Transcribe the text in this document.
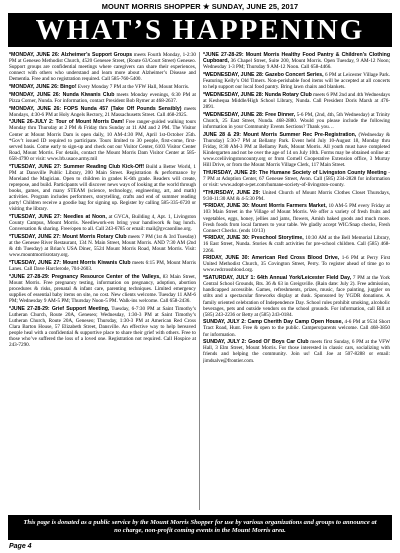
MOUNT MORRIS SHOPPER ★ SUNDAY, JUNE 25, 2017
WHAT’S HAPPENING

*MONDAY, JUNE 26: Alzheimer’s Support Groups meets Fourth Monday, 1-2:30 PM at Geneseo Methodist Church, 4520 Genesee Street, (Route 63/Court Street) Geneseo. Support groups are confidential meetings where caregivers can share their experiences, connect with others who understand and learn more about Alzheimer’s Disease and Dementia. Free and no registration required. Call 585-760-5400.

*MONDAY, JUNE 26: Bingo! Every Monday 7 PM at the VFW Hall, Mount Morris.

*MONDAY, JUNE 26: Nunda Kiwanis Club meets Monday evenings, 6:30 PM at Pizza Corner, Nunda. For information, contact President Bob Rymer at 468-2637.

*MONDAY, JUNE 26: FOPS Nunda 457 (Take Off Pounds Sensibly) meets Mondays, 4:30-6 PM at Holy Angels Rectory, 21 Massachusetts Street. Call 468-2925.

*JUNE 26-JULY 2: Tour of Mount Morris Dam! Free ranger-guided walking tours Monday thru Thursday at 2 PM & Friday thru Sunday at 11 AM and 2 PM. The Visitor Center at Mount Morris Dam is open daily, 10 AM-4:30 PM, April 1st-October 25th. *Gov’t issued ID required to participate. Tours limited to 30 people, first-come, first-served basis. Come early to sign-up and check out our Visitor Center, 6103 Visitor Center Road, Mount Morris. For details, contact the Mount Morris Dam Visitor Center at 585-658-4790 or visit: www.lrb.usace.army.mil

*TUESDAY, JUNE 27: Summer Reading Club Kick-Off! Build a Better World, 1 PM at Dansville Public Library, 200 Main Street. Registration & performance by Moreland the Magician. Open to children in grades K-6th grade. Readers will create, reprepose, and build. Participants will discover news ways of looking at the world through books, games, and many STEAM (science, technology, engineering, art, and math) activities. Program includes performers, storytelling, crafts and end of summer reading party! Children receive a goodie bag for signing up. Register by calling 585-335-6720 or visiting the library.

*TUESDAY, JUNE 27: Needles at Noon, at GVCA, Building 4, Apt. 1, Livingston County Campus, Mount Morris. Needlework-ers bring your handiwork & bag lunch. Conversation & sharing. Free/open to all. Call 243-6785 or email: mail@gvcaonline.org.

*TUESDAY, JUNE 27: Mount Morris Rotary Club meets 7 PM (1st & 3rd Tuesday) at the Genesee River Restaurant, 134 N. Main Street, Mount Morris. AND 7:30 AM (2nd & 4th Tuesday) at Brian’s USA Diner, 5524 Mount Morris Road, Mount Morris. Visit: www.mountmorrisrotary.org.

*TUESDAY, JUNE 27: Mount Morris Kiwanis Club meets 6:15 PM, Mount Morris Lanes. Call Dave Harclerode, 704-2603.

*JUNE 27-28-29: Pregnancy Resource Center of the Valleys, 83 Main Street, Mount Morris. Free pregnancy testing, information on pregnancy, adoption, abortion procedures & risks, prenatal & infant care, parenting techniques. Limited emergency supplies of essential baby items on site, no cost. New clients welcome. Tuesday 11 AM-6 PM; Wednesday 9 AM-5 PM; Thursday Noon-5 PM. Walk-ins welcome. Call 658-2436.

*JUNE 27-28-29: Grief Support Meeting, Tuesday, 6-7:30 PM at Saint Timothy’s Lutheran Church, Route 20A, Geneseo; Wednesday, 1:30-3 PM at Saint Timothy’s Lutheran Church, Route 20A, Geneseo; Thursday, 1:30-3 PM at American Red Cross Clara Barton House, 57 Elizabeth Street, Dansville. An effective way to help bereaved people heal with a confidential & supportive place to share their grief with others. Free to those who’ve suffered the loss of a loved one. Registration not required. Call Hospice at 243-7290.

*JUNE 27-28-29: Mount Morris Healthy Food Pantry & Children’s Clothing Cupboard, 36 Chapel Street, Suite 200, Mount Morris. Open Tuesday, 9 AM-12 Noon; Wednesday 1-3 PM; Thursday 9 AM-12 Noon. Call 658-4466.

*WEDNESDAY, JUNE 28: Gazebo Concert Series, 6 PM at Leicester Village Park. Featuring Kelly’s Old Timers. Non-perishable food items will be accepted at all concerts to help support our local food pantry. Bring lawn chairs and blankets.

*WEDNESDAY, JUNE 28: Nunda Rotary Club meets 6 PM 2nd and 4th Wednesdays at Keshequa Middle/High School Library, Nunda. Call President Doris Marsh at 476-2891.

*WEDNESDAY, JUNE 28: Free Dinner, 5-6 PM, (2nd, 4th, 5th Wednesday) at Trinity Church, 25 East Street, Nunda. 468-2880. Would you please include the following information in your Community Events Sections? Thank you…

JUNE 28 & 29: Mount Morris Summer Rec Pre-Registration, (Wednesday & Thursday) 5:30-7 PM at Bellamy Park. Event held July 10-August 18, Monday thru Friday, 8:30 AM-3 PM at Bellamy Park, Mount Morris. All youth must have completed Kindergarten and not be over the age of 14 on July 10th. Forms may be obtained online at: www.cceliivingstoncounty.org or from Cornell Cooperative Extension office, 3 Murray Hill Drive, or from the Mount Morris Village Clerk, 117 Main Street.

THURSDAY, JUNE 29: The Humane Society of Livingston County Meeting - 7 PM at Adoption Center, 67 Genesee Street, Avon. Call (585) 234-2828 for information or visit: www.adopt-a-pet.com/humane-society-of-livingston-county.

*THURSDAY, JUNE 29: United Church of Mount Morris Clothes Closet Thursdays, 9:30-11:30 AM & 4-5:30 PM.

*FRIDAY, JUNE 30: Mount Morris Farmers Market, 10 AM-5 PM every Friday at 103 Main Street in the Village of Mount Morris. We offer a variety of fresh fruits and vegetables, eggs, honey, jellies and jams, flowers, Amish baked goods and much more. Fresh foods from local farmers to your table. We gladly accept WIC/Snap checks, Fresh Connect Checks. (ends 10/13)

*FRIDAY, JUNE 30: Preschool Storytime, 10:30 AM at the Bell Memorial Library, 16 East Street, Nunda. Stories & craft activities for pre-school children. Call (585) 468-2266.

FRIDAY, JUNE 30: American Red Cross Blood Drive, 1-6 PM at Perry First United Methodist Church, 35 Covington Street, Perry. To register ahead of time go to www.redcrossblood.org.

*SATURDAY, JULY 1: 64th Annual York/Leicester Field Day, 7 PM at the York Central School Grounds, Rts. 36 & 63 in Greigsville. (Rain date: July 2). Free admission, handicapped accessible. Games, refreshments, prizes, music, face painting, juggler on stilts and a spectacular fireworks display at dusk. Sponsored by YGDR donations. A family oriented celebration of Independence Day. School rules prohibit smoking, alcoholic beverages, pets and outside vendors on the school grounds. For information, call Bill at (585) 243-2236 or Betty at (585) 243-0184.

SUNDAY, JULY 2: Camp Cherith Day Camp Open House, 4-6 PM at 9534 Short Tract Road, Hunt. Free & open to the public. Campers/parents welcome. Call 468-3850 for information.

SUNDAY, JULY 2: Good Ol’ Boys Car Club meets first Sunday, 6 PM at the VFW Hall, 3 Elm Street, Mount Morris. For those interested in classic cars, socializing with friends and helping the community. Join us! Call Joe at 507-8288 or email: jimdsalve@frontier.com.

This page is donated as a public service by the Mount Morris Shopper for use by various organizations and groups to announce at no charge, non-profit coming events in the Mount Morris area.
Page 4
